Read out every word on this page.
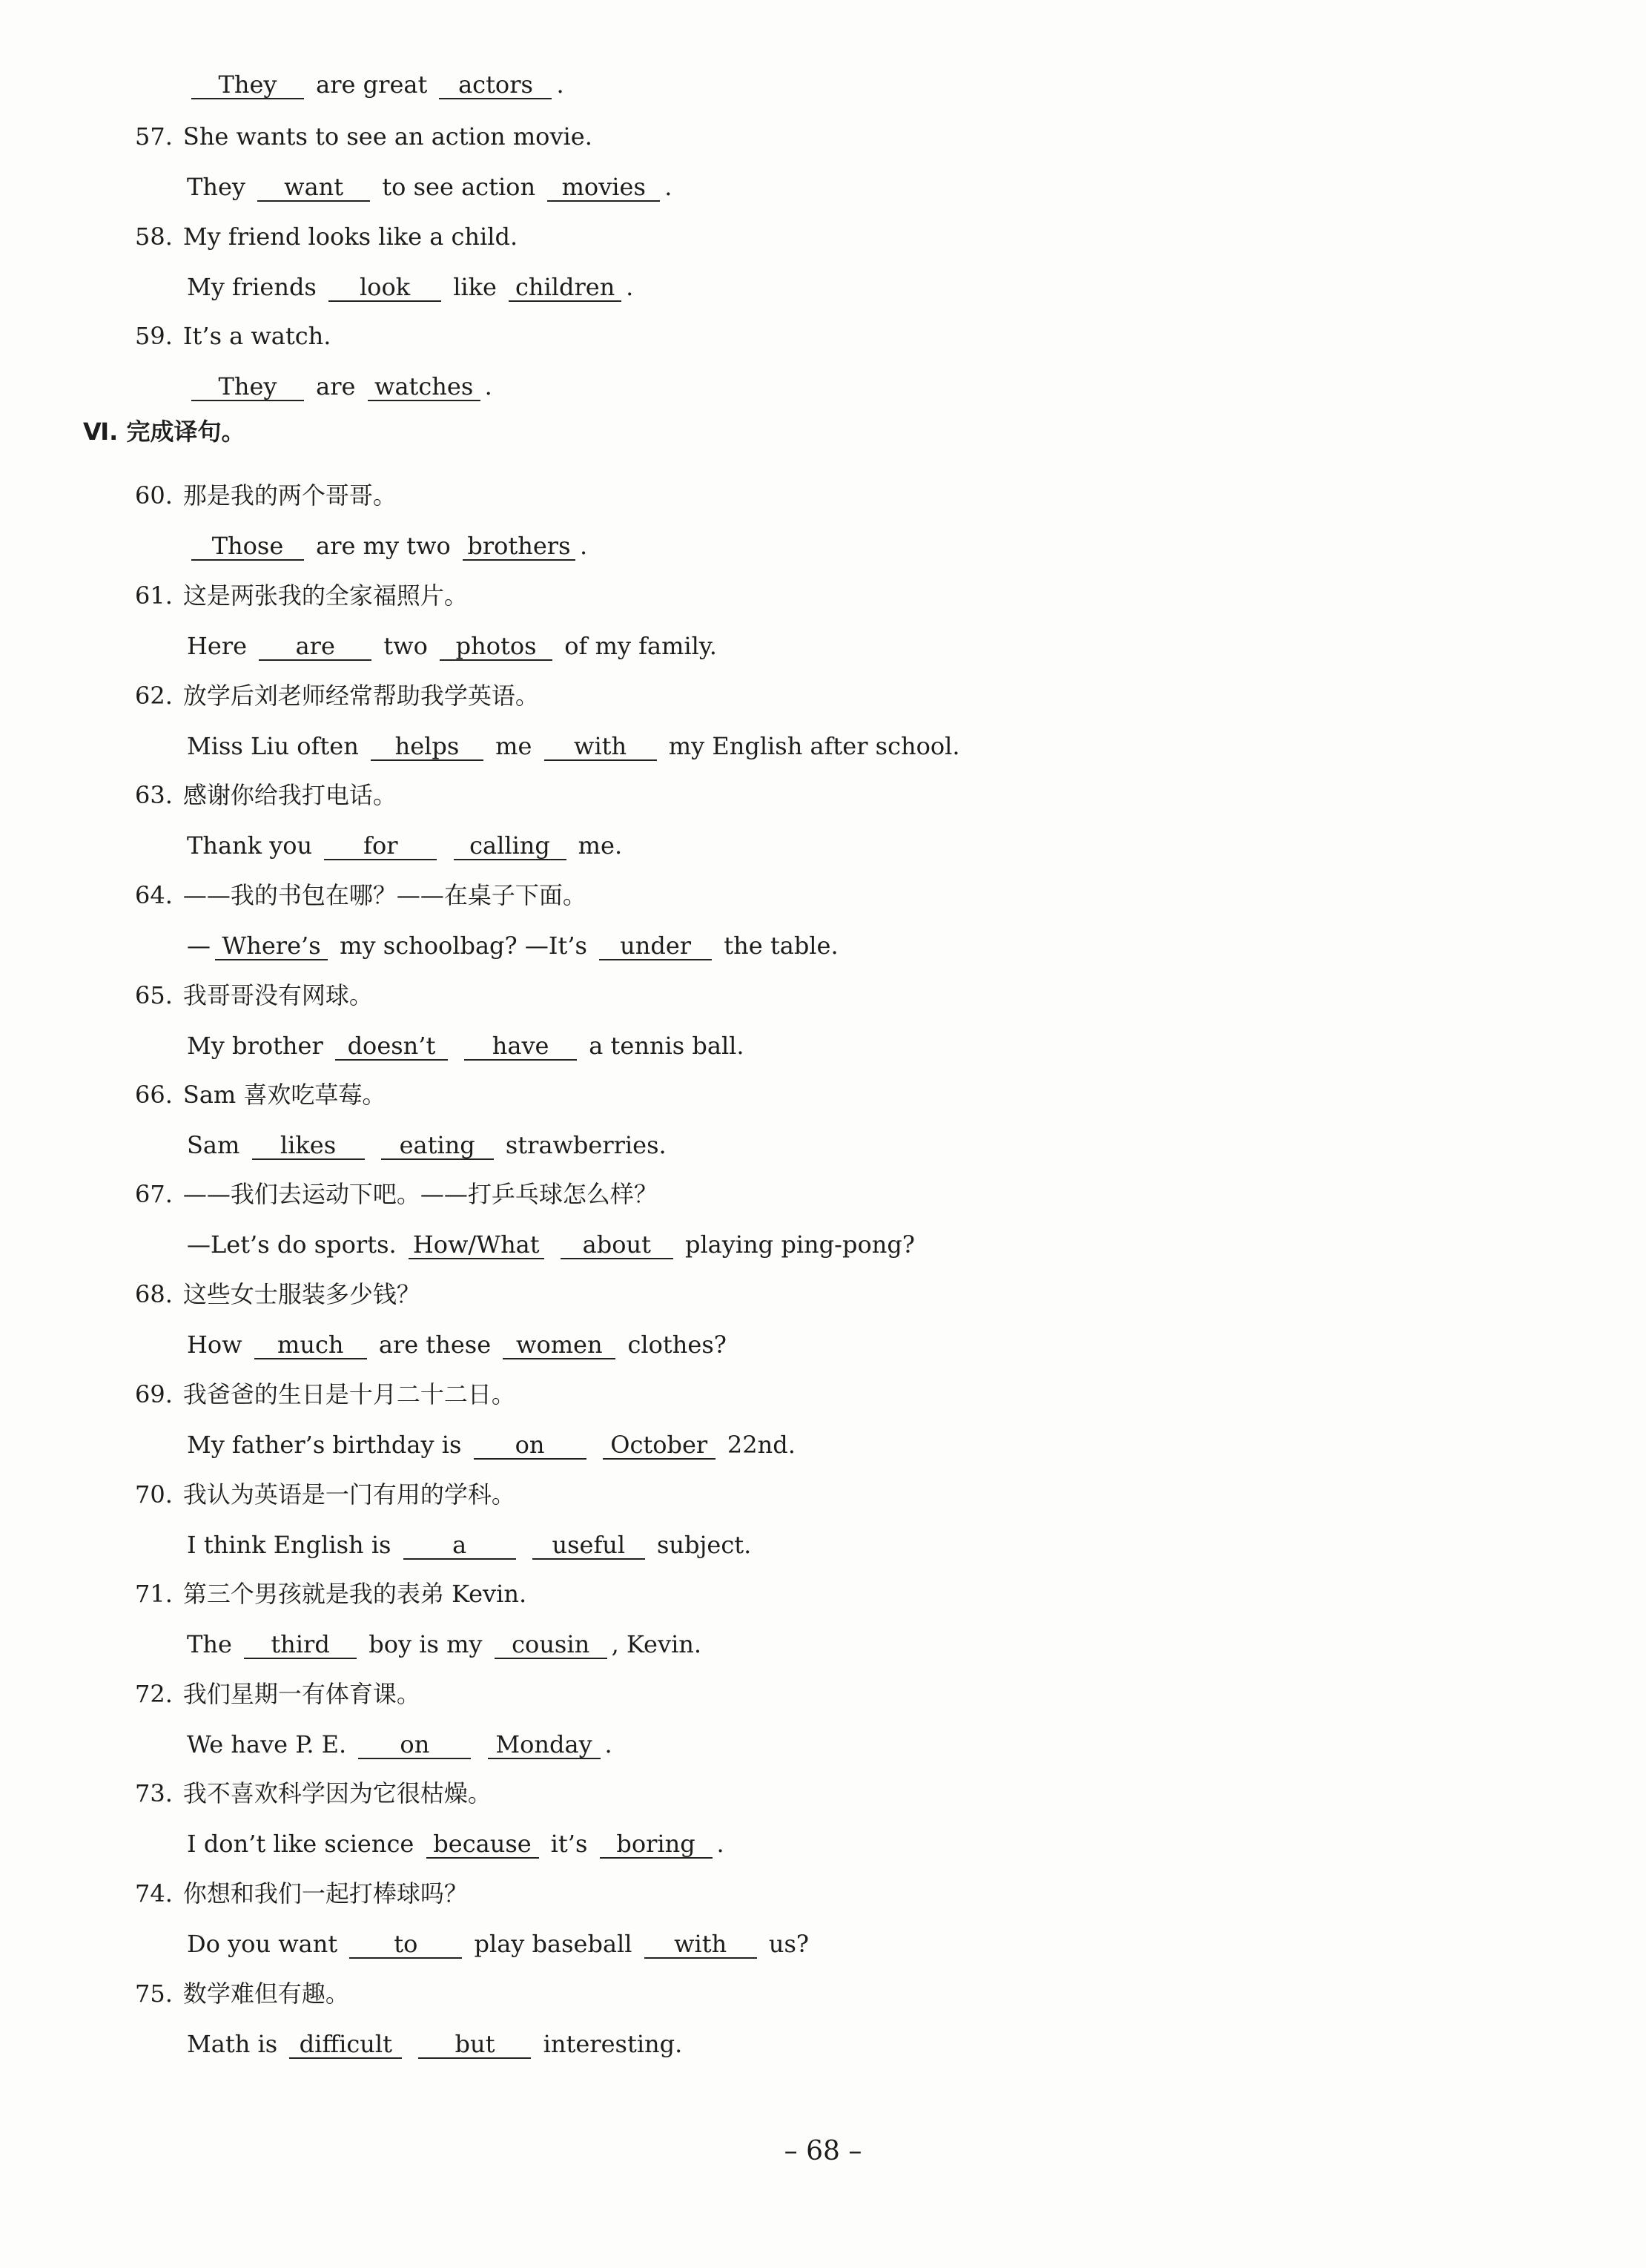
Ⅵ. 完成译句。
They are great actors .
57. She wants to see an action movie.
They want to see action movies .
58. My friend looks like a child.
My friends look like children .
59. It’s a watch.
They are watches .
60. 那是我的两个哥哥。
Those are my two brothers .
61. 这是两张我的全家福照片。
Here are two photos of my family.
62. 放学后刘老师经常帮助我学英语。
Miss Liu often helps me with my English after school.
63. 感谢你给我打电话。
Thank you for	calling me.
64. ——我的书包在哪？——在桌子下面。
— Where’s my schoolbag? —It’s under the table.
65. 我哥哥没有网球。
My brother doesn’t have a tennis ball.
66. Sam 喜欢吃草莓。
Sam likes	eating strawberries.
67. ——我们去运动下吧。——打乒乓球怎么样？
—Let’s do sports. How/What about playing ping-pong?
68. 这些女士服装多少钱？
How much are these women clothes?
69. 我爸爸的生日是十月二十二日。
My father’s birthday is on	October 22nd.
70. 我认为英语是一门有用的学科。
I think English is a	useful subject.
71. 第三个男孩就是我的表弟 Kevin.
The third boy is my cousin , Kevin.
72. 我们星期一有体育课。
We have P. E. on	Monday .
73. 我不喜欢科学因为它很枯燥。
I don’t like science because it’s boring .
74. 你想和我们一起打棒球吗？
Do you want to play baseball with us?
75. 数学难但有趣。
Math is difficult	but interesting.
– 68 –
